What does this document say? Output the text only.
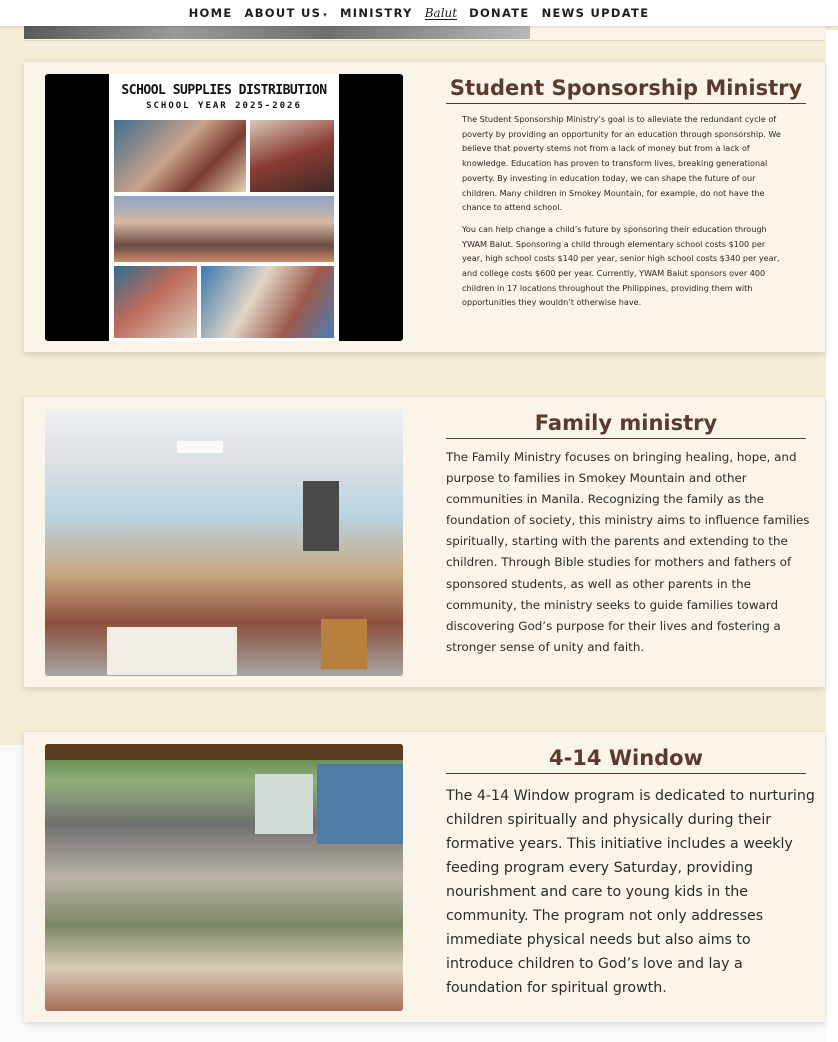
HOME ABOUT US ▾ MINISTRY Balut DONATE NEWS UPDATE
SCHOOL SUPPLIES DISTRIBUTION
SCHOOL YEAR 2025-2026
Student Sponsorship Ministry

The Student Sponsorship Ministry’s goal is to alleviate the redundant cycle of poverty by providing an opportunity for an education through sponsorship. We believe that poverty stems not from a lack of money but from a lack of knowledge. Education has proven to transform lives, breaking generational poverty. By investing in education today, we can shape the future of our children. Many children in Smokey Mountain, for example, do not have the chance to attend school.

You can help change a child’s future by sponsoring their education through YWAM Balut. Sponsoring a child through elementary school costs $100 per year, high school costs $140 per year, senior high school costs $340 per year, and college costs $600 per year. Currently, YWAM Balut sponsors over 400 children in 17 locations throughout the Philippines, providing them with opportunities they wouldn’t otherwise have.

Family ministry

The Family Ministry focuses on bringing healing, hope, and purpose to families in Smokey Mountain and other communities in Manila. Recognizing the family as the foundation of society, this ministry aims to influence families spiritually, starting with the parents and extending to the children. Through Bible studies for mothers and fathers of sponsored students, as well as other parents in the community, the ministry seeks to guide families toward discovering God’s purpose for their lives and fostering a stronger sense of unity and faith.

4-14 Window

The 4-14 Window program is dedicated to nurturing children spiritually and physically during their formative years. This initiative includes a weekly feeding program every Saturday, providing nourishment and care to young kids in the community. The program not only addresses immediate physical needs but also aims to introduce children to God’s love and lay a foundation for spiritual growth.
